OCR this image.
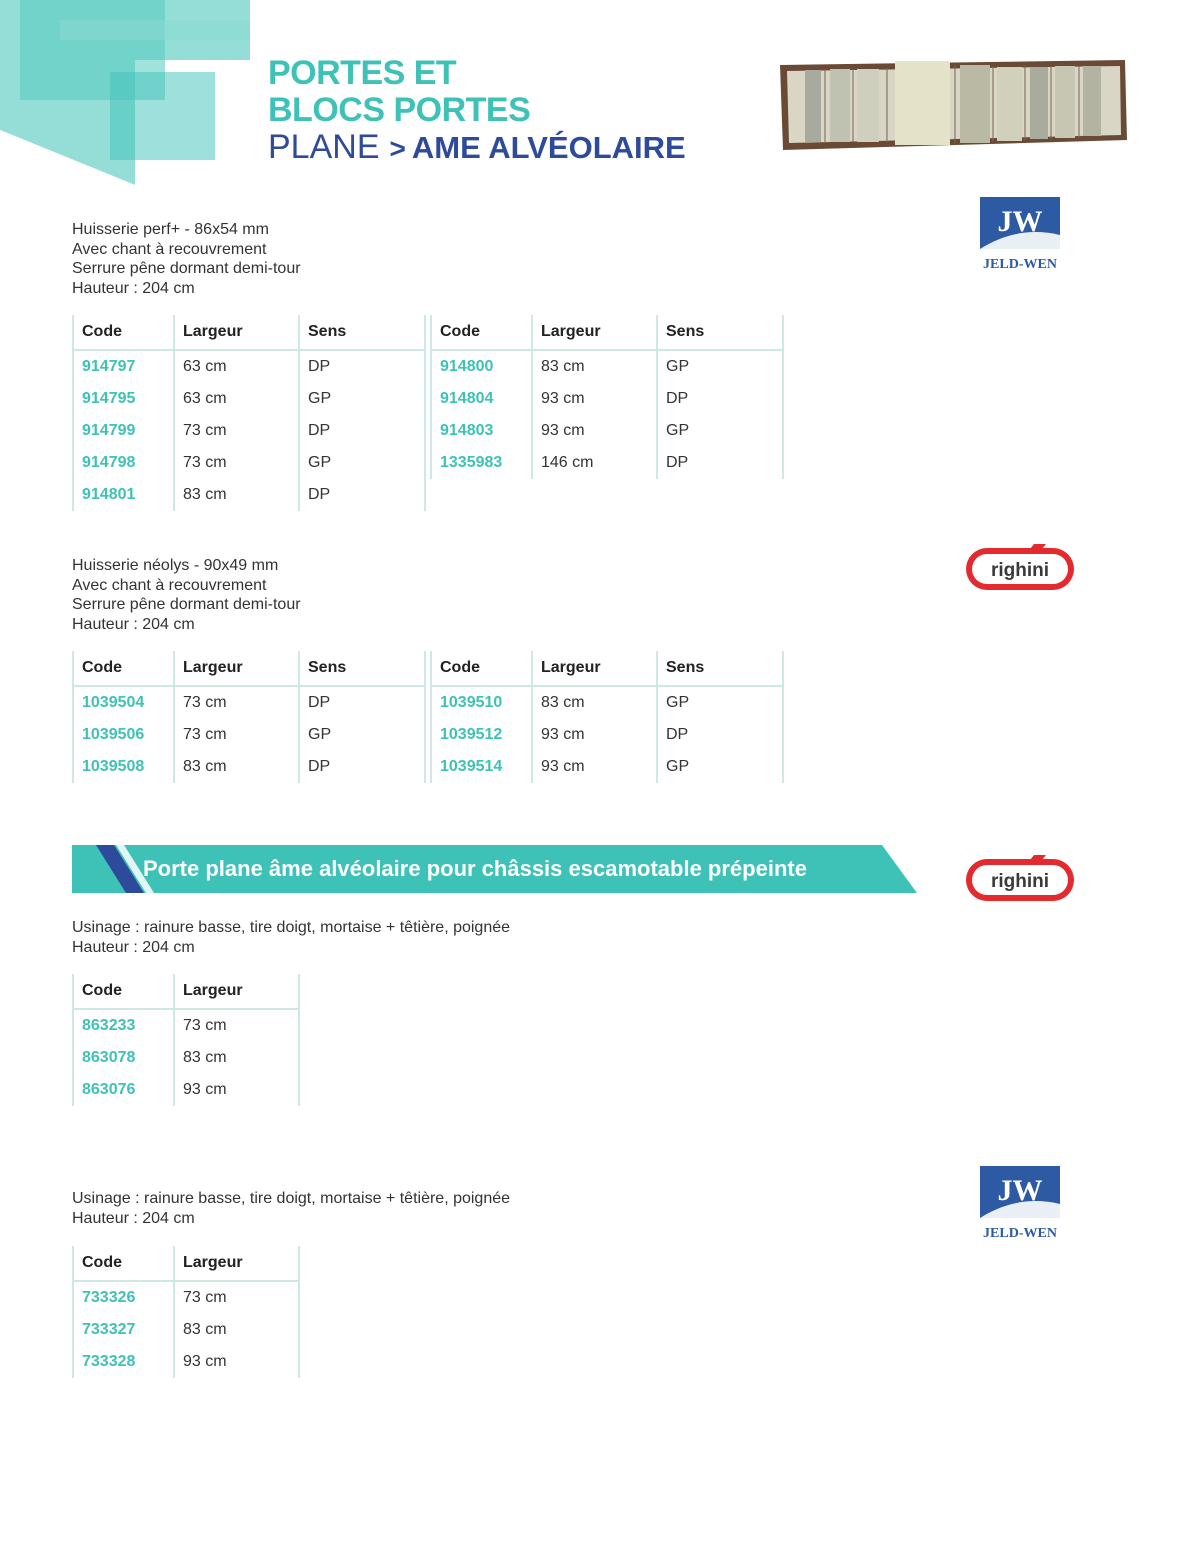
PORTES ET
BLOCS PORTES
PLANE > AME ALVÉOLAIRE
JW
JELD-WEN
Huisserie perf+ - 86x54 mm
Avec chant à recouvrement
Serrure pêne dormant demi-tour
Hauteur : 204 cm
Code	Largeur	Sens
914797	63 cm	DP
914795	63 cm	GP
914799	73 cm	DP
914798	73 cm	GP
914801	83 cm	DP
Code	Largeur	Sens
914800	83 cm	GP
914804	93 cm	DP
914803	93 cm	GP
1335983	146 cm	DP
righini
Huisserie néolys - 90x49 mm
Avec chant à recouvrement
Serrure pêne dormant demi-tour
Hauteur : 204 cm
Code	Largeur	Sens
1039504	73 cm	DP
1039506	73 cm	GP
1039508	83 cm	DP
Code	Largeur	Sens
1039510	83 cm	GP
1039512	93 cm	DP
1039514	93 cm	GP
Porte plane âme alvéolaire pour châssis escamotable prépeinte
righini
Usinage : rainure basse, tire doigt, mortaise + têtière, poignée
Hauteur : 204 cm
Code	Largeur
863233	73 cm
863078	83 cm
863076	93 cm
JW
JELD-WEN
Usinage : rainure basse, tire doigt, mortaise + têtière, poignée
Hauteur : 204 cm
Code	Largeur
733326	73 cm
733327	83 cm
733328	93 cm
